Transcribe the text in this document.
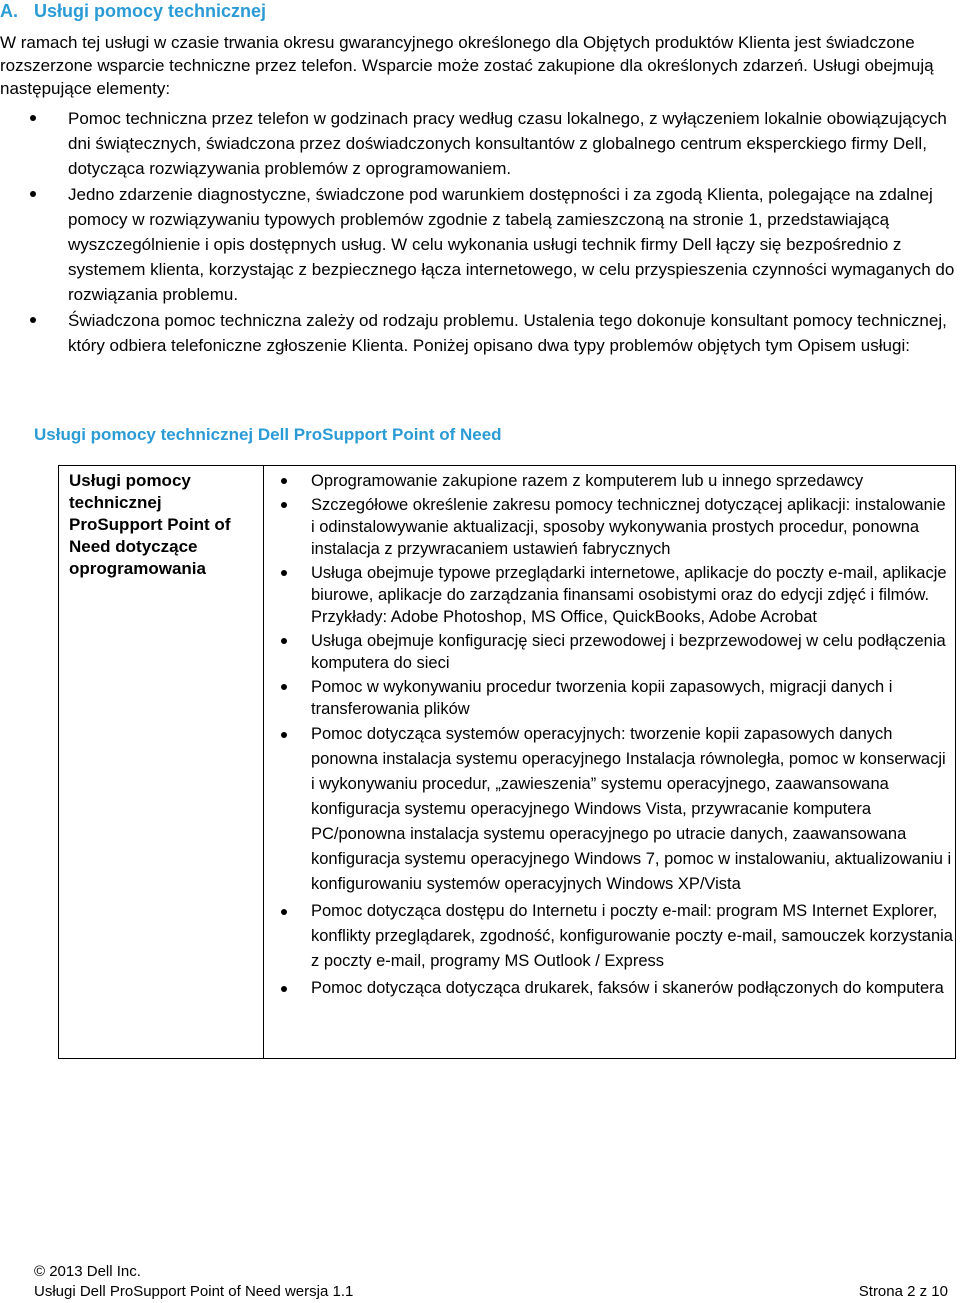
A. Usługi pomocy technicznej

W ramach tej usługi w czasie trwania okresu gwarancyjnego określonego dla Objętych produktów Klienta jest świadczone rozszerzone wsparcie techniczne przez telefon. Wsparcie może zostać zakupione dla określonych zdarzeń. Usługi obejmują następujące elementy:

Pomoc techniczna przez telefon w godzinach pracy według czasu lokalnego, z wyłączeniem lokalnie obowiązujących dni świątecznych, świadczona przez doświadczonych konsultantów z globalnego centrum eksperckiego firmy Dell, dotycząca rozwiązywania problemów z oprogramowaniem.
Jedno zdarzenie diagnostyczne, świadczone pod warunkiem dostępności i za zgodą Klienta, polegające na zdalnej pomocy w rozwiązywaniu typowych problemów zgodnie z tabelą zamieszczoną na stronie 1, przedstawiającą wyszczególnienie i opis dostępnych usług. W celu wykonania usługi technik firmy Dell łączy się bezpośrednio z systemem klienta, korzystając z bezpiecznego łącza internetowego, w celu przyspieszenia czynności wymaganych do rozwiązania problemu.
Świadczona pomoc techniczna zależy od rodzaju problemu. Ustalenia tego dokonuje konsultant pomocy technicznej, który odbiera telefoniczne zgłoszenie Klienta. Poniżej opisano dwa typy problemów objętych tym Opisem usługi:
Usługi pomocy technicznej Dell ProSupport Point of Need
Usługi pomocy technicznej ProSupport Point of Need dotyczące oprogramowania
Oprogramowanie zakupione razem z komputerem lub u innego sprzedawcy
Szczegółowe określenie zakresu pomocy technicznej dotyczącej aplikacji: instalowanie i odinstalowywanie aktualizacji, sposoby wykonywania prostych procedur, ponowna instalacja z przywracaniem ustawień fabrycznych
Usługa obejmuje typowe przeglądarki internetowe, aplikacje do poczty e-mail, aplikacje biurowe, aplikacje do zarządzania finansami osobistymi oraz do edycji zdjęć i filmów. Przykłady: Adobe Photoshop, MS Office, QuickBooks, Adobe Acrobat
Usługa obejmuje konfigurację sieci przewodowej i bezprzewodowej w celu podłączenia komputera do sieci
Pomoc w wykonywaniu procedur tworzenia kopii zapasowych, migracji danych i transferowania plików
Pomoc dotycząca systemów operacyjnych: tworzenie kopii zapasowych danych ponowna instalacja systemu operacyjnego Instalacja równoległa, pomoc w konserwacji i wykonywaniu procedur, „zawieszenia” systemu operacyjnego, zaawansowana konfiguracja systemu operacyjnego Windows Vista, przywracanie komputera PC/ponowna instalacja systemu operacyjnego po utracie danych, zaawansowana konfiguracja systemu operacyjnego Windows 7, pomoc w instalowaniu, aktualizowaniu i konfigurowaniu systemów operacyjnych Windows XP/Vista
Pomoc dotycząca dostępu do Internetu i poczty e-mail: program MS Internet Explorer, konflikty przeglądarek, zgodność, konfigurowanie poczty e-mail, samouczek korzystania z poczty e-mail, programy MS Outlook / Express
Pomoc dotycząca dotycząca drukarek, faksów i skanerów podłączonych do komputera
© 2013 Dell Inc.
Usługi Dell ProSupport Point of Need wersja 1.1	Strona 2 z 10
